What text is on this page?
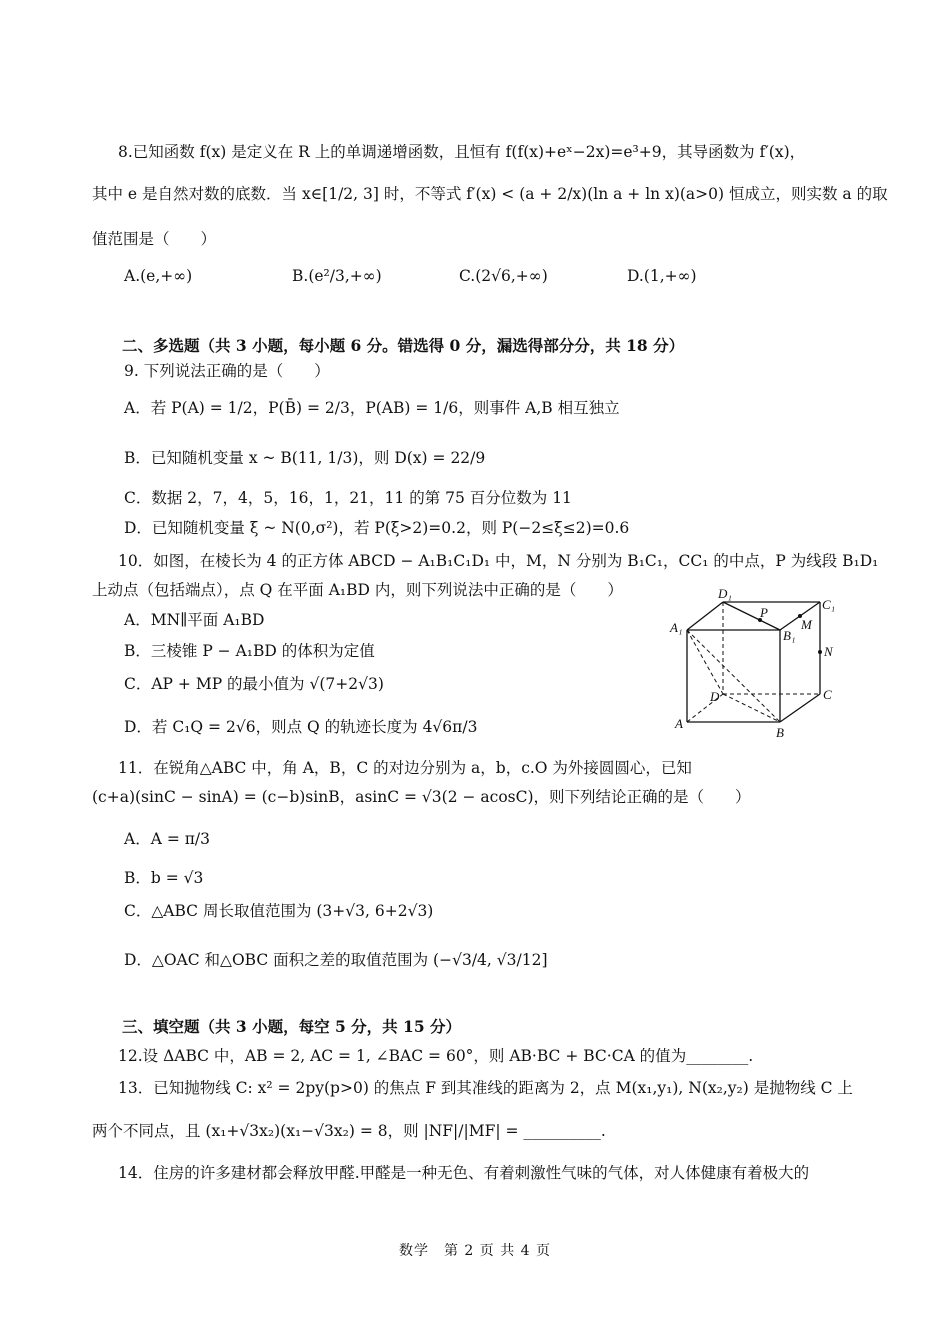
8.已知函数 f(x) 是定义在 R 上的单调递增函数，且恒有 f(f(x)+eˣ−2x)=e³+9，其导函数为 f′(x)，
其中 e 是自然对数的底数．当 x∈[1/2, 3] 时，不等式 f′(x) < (a + 2/x)(ln a + ln x)(a>0) 恒成立，则实数 a 的取
值范围是（　　）
A.(e,+∞)	B.(e²/3,+∞)	C.(2√6,+∞)	D.(1,+∞)
二、多选题（共 3 小题，每小题 6 分。错选得 0 分，漏选得部分分，共 18 分）
9. 下列说法正确的是（　　）
A．若 P(A) = 1/2，P(B̄) = 2/3，P(AB) = 1/6，则事件 A,B 相互独立
B．已知随机变量 x ~ B(11, 1/3)，则 D(x) = 22/9
C．数据 2，7，4，5，16，1，21，11 的第 75 百分位数为 11
D．已知随机变量 ξ ~ N(0,σ²)，若 P(ξ>2)=0.2，则 P(−2≤ξ≤2)=0.6
10．如图，在棱长为 4 的正方体 ABCD − A₁B₁C₁D₁ 中，M，N 分别为 B₁C₁，CC₁ 的中点，P 为线段 B₁D₁
上动点（包括端点），点 Q 在平面 A₁BD 内，则下列说法中正确的是（　　）
A．MN∥平面 A₁BD
B．三棱锥 P − A₁BD 的体积为定值
C．AP + MP 的最小值为 √(7+2√3)
D．若 C₁Q = 2√6，则点 Q 的轨迹长度为 4√6π/3
D₁
C₁
A₁
B₁
P
M
N
D	C
A
B
11．在锐角△ABC 中，角 A，B，C 的对边分别为 a，b，c.O 为外接圆圆心，已知
(c+a)(sinC − sinA) = (c−b)sinB，asinC = √3(2 − acosC)，则下列结论正确的是（　　）
A．A = π/3
B．b = √3
C．△ABC 周长取值范围为 (3+√3, 6+2√3)
D．△OAC 和△OBC 面积之差的取值范围为 (−√3/4, √3/12]
三、填空题（共 3 小题，每空 5 分，共 15 分）
12.设 ΔABC 中，AB = 2, AC = 1, ∠BAC = 60°，则 AB·BC + BC·CA 的值为________.
13．已知抛物线 C: x² = 2py(p>0) 的焦点 F 到其准线的距离为 2，点 M(x₁,y₁), N(x₂,y₂) 是抛物线 C 上
两个不同点，且 (x₁+√3x₂)(x₁−√3x₂) = 8，则 |NF|/|MF| = __________.
14．住房的许多建材都会释放甲醛.甲醛是一种无色、有着刺激性气味的气体，对人体健康有着极大的
数学　第 2 页 共 4 页
